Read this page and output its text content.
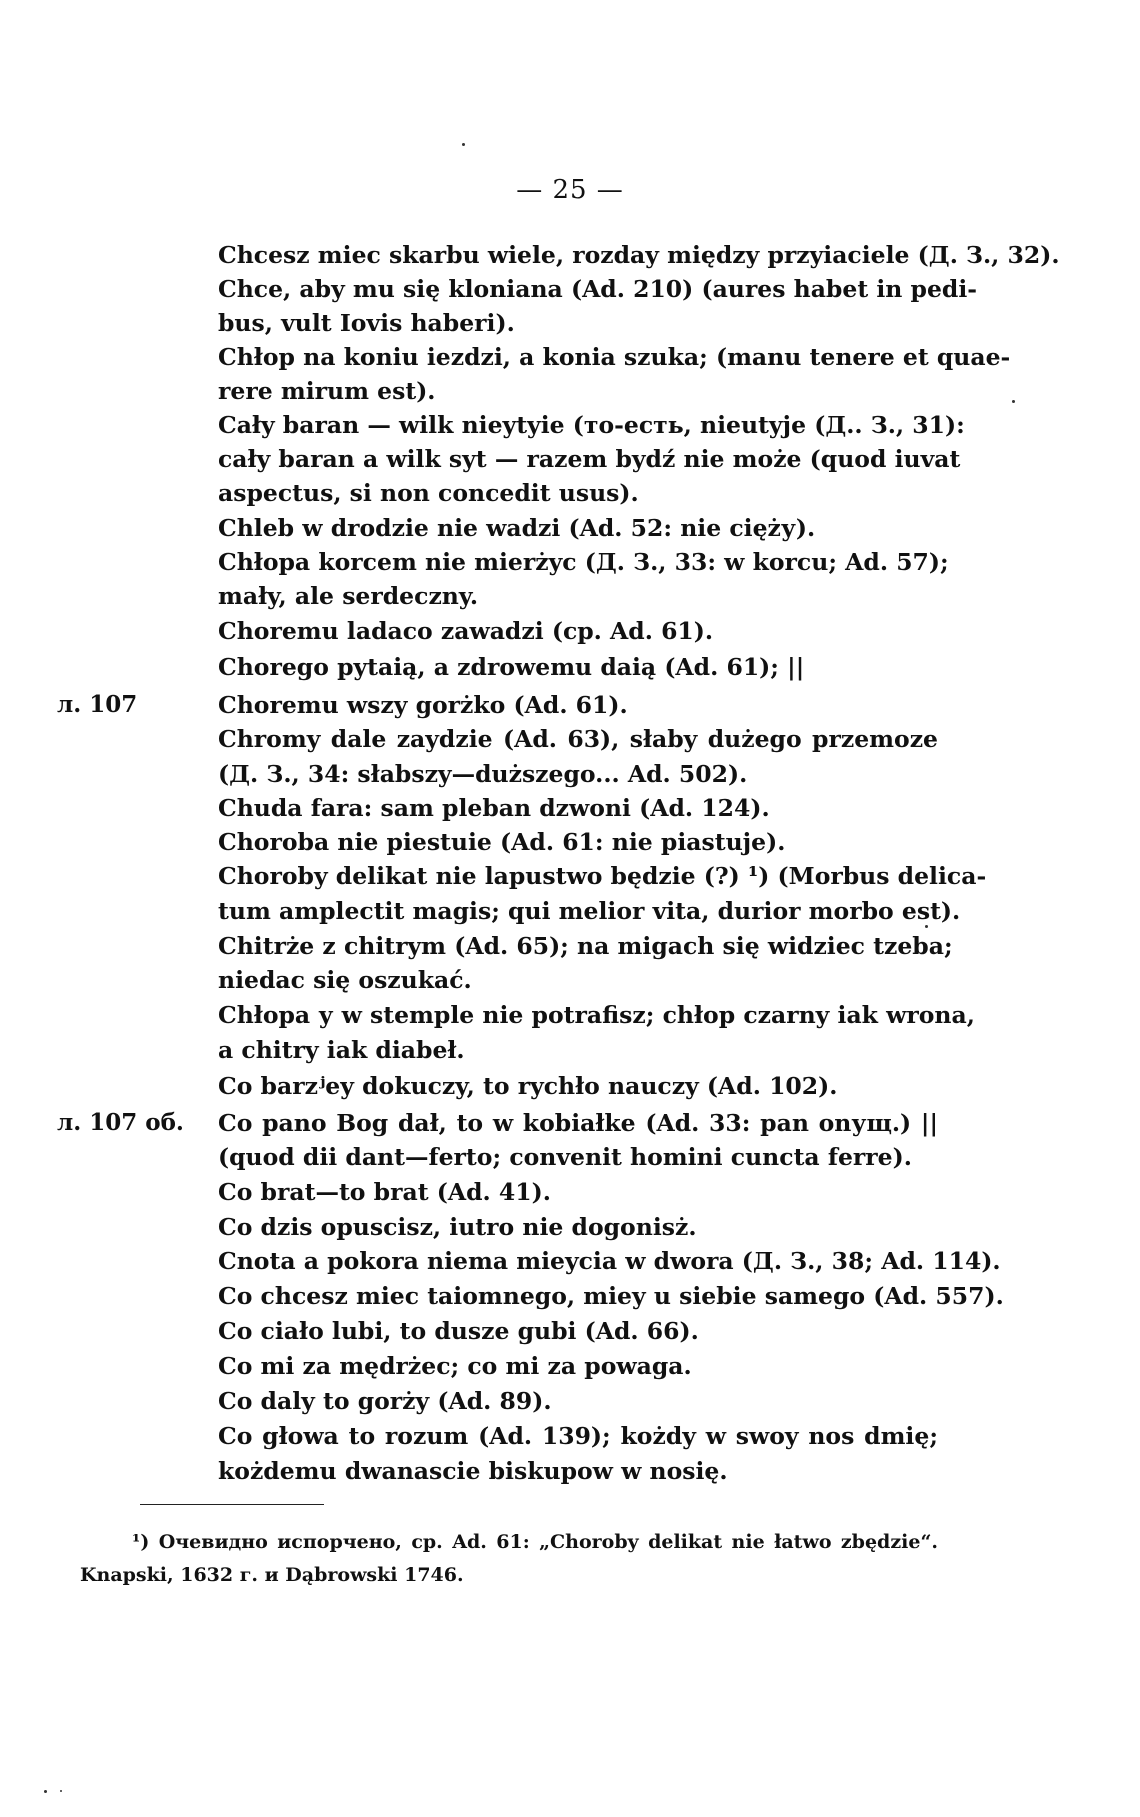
— 25 —
л. 107
л. 107 об.
Chcesz miec skarbu wiele, rozday między przyiaciele (Д. З., 32).
Chce, aby mu się kloniana (Ad. 210) (aures habet in pedi-
bus, vult Iovis haberi).
Chłop na koniu iezdzi, a konia szuka; (manu tenere et quae-
rere mirum est).
Cały baran — wilk nieytyie (то-есть, nieutyje (Д.. З., 31):
cały baran a wilk syt — razem bydź nie może (quod iuvat
aspectus, si non concedit usus).
Chleb w drodzie nie wadzi (Ad. 52: nie ciężу).
Chłopa korcem nie mierżyc (Д. З., 33: w korcu; Ad. 57);
mały, ale serdeczny.
Choremu ladaco zawadzi (ср. Ad. 61).
Chorego pytaią, a zdrowemu daią (Ad. 61); ||
Choremu wszy gorżko (Ad. 61).
Chromy dale zaydzie (Ad. 63), słaby dużego przemoze
(Д. З., 34: słabszy—duższego... Ad. 502).
Chuda fara: sam pleban dzwoni (Ad. 124).
Choroba nie piestuie (Ad. 61: nie piastuje).
Choroby delikat nie lapustwo będzie (?) ¹) (Morbus delica-
tum amplectit magis; qui melior vita, durior morbo est).
Chitrże z chitrym (Ad. 65); na migach się widziec tzeba;
niedac się oszukać.
Chłopa у w stemple nie potrafisz; chłop czarny iak wrona,
a chitry iak diabeł.
Co barzʲey dokuczy, to rychło nauczy (Ad. 102).
Co pano Bog dał, to w kobiałke (Ad. 33: pan onущ.) ||
(quod dii dant—ferto; convenit homini cuncta ferre).
Co brat—to brat (Ad. 41).
Co dzis opuscisz, iutro nie dogonisż.
Cnota a pokora niema mieycia w dwora (Д. З., 38; Ad. 114).
Co chcesz miec taiomnego, miey u siebie samego (Ad. 557).
Co ciało lubi, to dusze gubi (Ad. 66).
Co mi za mędrżec; co mi za powaga.
Co daly to gorży (Ad. 89).
Co głowa to rozum (Ad. 139); kożdy w swoy nos dmię;
kożdemu dwanascie biskupow w nosię.
¹) Очевидно испорчено, ср. Ad. 61: „Choroby delikat nie łatwo zbędzie“.
Knapski, 1632 г. и Dąbrowski 1746.
